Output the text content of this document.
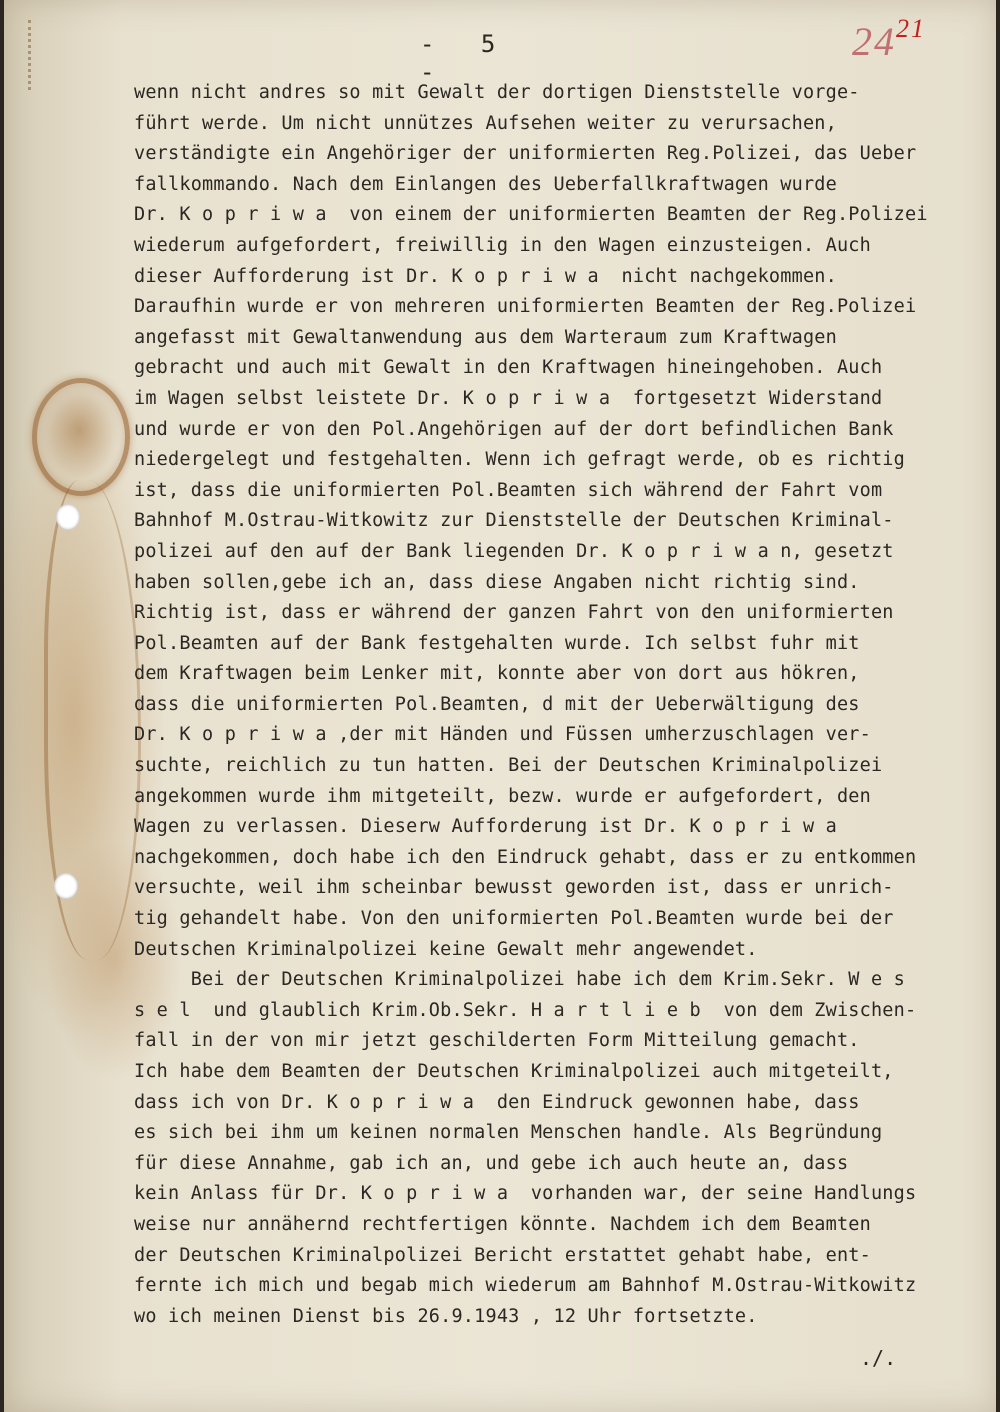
- 5 -
$24^{21}$
wenn nicht andres so mit Gewalt der dortigen Dienststelle vorge-
führt werde. Um nicht unnützes Aufsehen weiter zu verursachen,
verständigte ein Angehöriger der uniformierten Reg.Polizei, das Ueber
fallkommando. Nach dem Einlangen des Ueberfallkraftwagen wurde
Dr. K o p r i w a  von einem der uniformierten Beamten der Reg.Polizei
wiederum aufgefordert, freiwillig in den Wagen einzusteigen. Auch
dieser Aufforderung ist Dr. K o p r i w a  nicht nachgekommen.
Daraufhin wurde er von mehreren uniformierten Beamten der Reg.Polizei
angefasst mit Gewaltanwendung aus dem Warteraum zum Kraftwagen
gebracht und auch mit Gewalt in den Kraftwagen hineingehoben. Auch
im Wagen selbst leistete Dr. K o p r i w a  fortgesetzt Widerstand
und wurde er von den Pol.Angehörigen auf der dort befindlichen Bank
niedergelegt und festgehalten. Wenn ich gefragt werde, ob es richtig
ist, dass die uniformierten Pol.Beamten sich während der Fahrt vom
Bahnhof M.Ostrau-Witkowitz zur Dienststelle der Deutschen Kriminal-
polizei auf den auf der Bank liegenden Dr. K o p r i w a n, gesetzt
haben sollen,gebe ich an, dass diese Angaben nicht richtig sind.
Richtig ist, dass er während der ganzen Fahrt von den uniformierten
Pol.Beamten auf der Bank festgehalten wurde. Ich selbst fuhr mit
dem Kraftwagen beim Lenker mit, konnte aber von dort aus hökren,
dass die uniformierten Pol.Beamten, d mit der Ueberwältigung des
Dr. K o p r i w a ,der mit Händen und Füssen umherzuschlagen ver-
suchte, reichlich zu tun hatten. Bei der Deutschen Kriminalpolizei
angekommen wurde ihm mitgeteilt, bezw. wurde er aufgefordert, den
Wagen zu verlassen. Dieserw Aufforderung ist Dr. K o p r i w a
nachgekommen, doch habe ich den Eindruck gehabt, dass er zu entkommen
versuchte, weil ihm scheinbar bewusst geworden ist, dass er unrich-
tig gehandelt habe. Von den uniformierten Pol.Beamten wurde bei der
Deutschen Kriminalpolizei keine Gewalt mehr angewendet.
Bei der Deutschen Kriminalpolizei habe ich dem Krim.Sekr. W e s
s e l  und glaublich Krim.Ob.Sekr. H a r t l i e b  von dem Zwischen-
fall in der von mir jetzt geschilderten Form Mitteilung gemacht.
Ich habe dem Beamten der Deutschen Kriminalpolizei auch mitgeteilt,
dass ich von Dr. K o p r i w a  den Eindruck gewonnen habe, dass
es sich bei ihm um keinen normalen Menschen handle. Als Begründung
für diese Annahme, gab ich an, und gebe ich auch heute an, dass
kein Anlass für Dr. K o p r i w a  vorhanden war, der seine Handlungs
weise nur annähernd rechtfertigen könnte. Nachdem ich dem Beamten
der Deutschen Kriminalpolizei Bericht erstattet gehabt habe, ent-
fernte ich mich und begab mich wiederum am Bahnhof M.Ostrau-Witkowitz
wo ich meinen Dienst bis 26.9.1943 , 12 Uhr fortsetzte.
./.
